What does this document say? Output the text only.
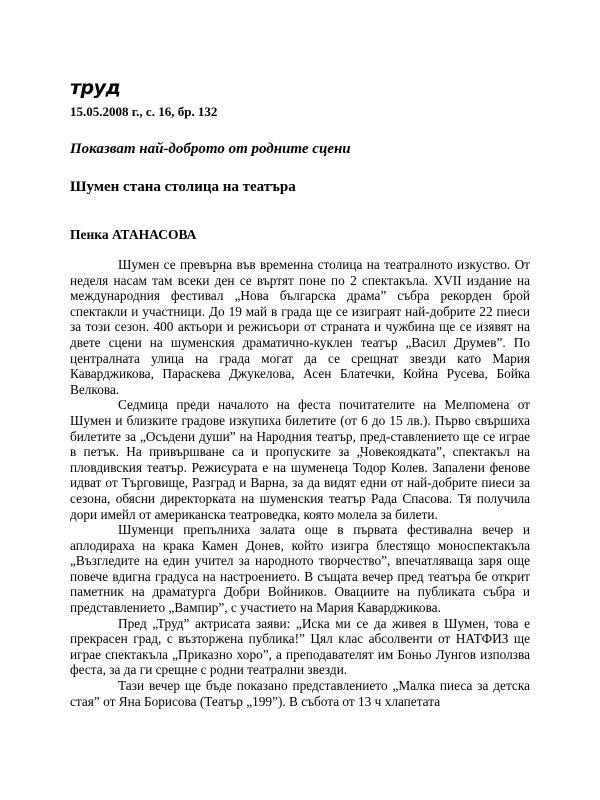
труд
15.05.2008 г., с. 16, бр. 132
Показват най-доброто от родните сцени
Шумен стана столица на театъра
Пенка АТАНАСОВА

Шумен се превърна във временна столица на театралното изкуство. От неделя насам там всеки ден се въртят поне по 2 спектакъла. XVII издание на международния фестивал „Нова българска драма” събра рекорден брой спектакли и участници. До 19 май в града ще се изиграят най-добрите 22 пиеси за този сезон. 400 актьори и режисьори от страната и чужбина ще се изявят на двете сцени на шуменския драматично-куклен театър „Васил Друмев”. По централната улица на града могат да се срещнат звезди като Мария Каварджикова, Параскева Джукелова, Асен Блатечки, Койна Русева, Бойка Велкова.

Седмица преди началото на феста почитателите на Мелпомена от Шумен и близките градове изкупиха билетите (от 6 до 15 лв.). Първо свършиха билетите за „Осъдени души” на Народния театър, пред-ставлението ще се играе в петък. На привършване са и пропуските за „Човекоядката”, спектакъл на пловдивския театър. Режисурата е на шуменеца Тодор Колев. Запалени фенове идват от Търговище, Разград и Варна, за да видят едни от най-добрите пиеси за сезона, обясни директорката на шуменския театър Рада Спасова. Тя получила дори имейл от американска театроведка, която молела за билети.

Шуменци препълниха залата още в първата фестивална вечер и аплодираха на крака Камен Донев, който изигра блестящо моноспектакъла „Възгледите на един учител за народното творчество”, впечатляваща заря още повече вдигна градуса на настроението. В същата вечер пред театъра бе открит паметник на драматурга Добри Войников. Овациите на публиката събра и представлението „Вампир”, с участието на Мария Каварджикова.

Пред „Труд” актрисата заяви: „Искa ми се да живея в Шумен, това е прекрасен град, с възторжена публика!” Цял клас абсолвенти от НАТФИЗ ще играе спектакъла „Приказно хоро”, а преподавателят им Боньо Лунгов използва феста, за да ги срещне с родни театрални звезди.

Тази вечер ще бъде показано представлението „Малка пиеса за детска стая” от Яна Борисова (Театър „199”). В събота от 13 ч хлапетата
